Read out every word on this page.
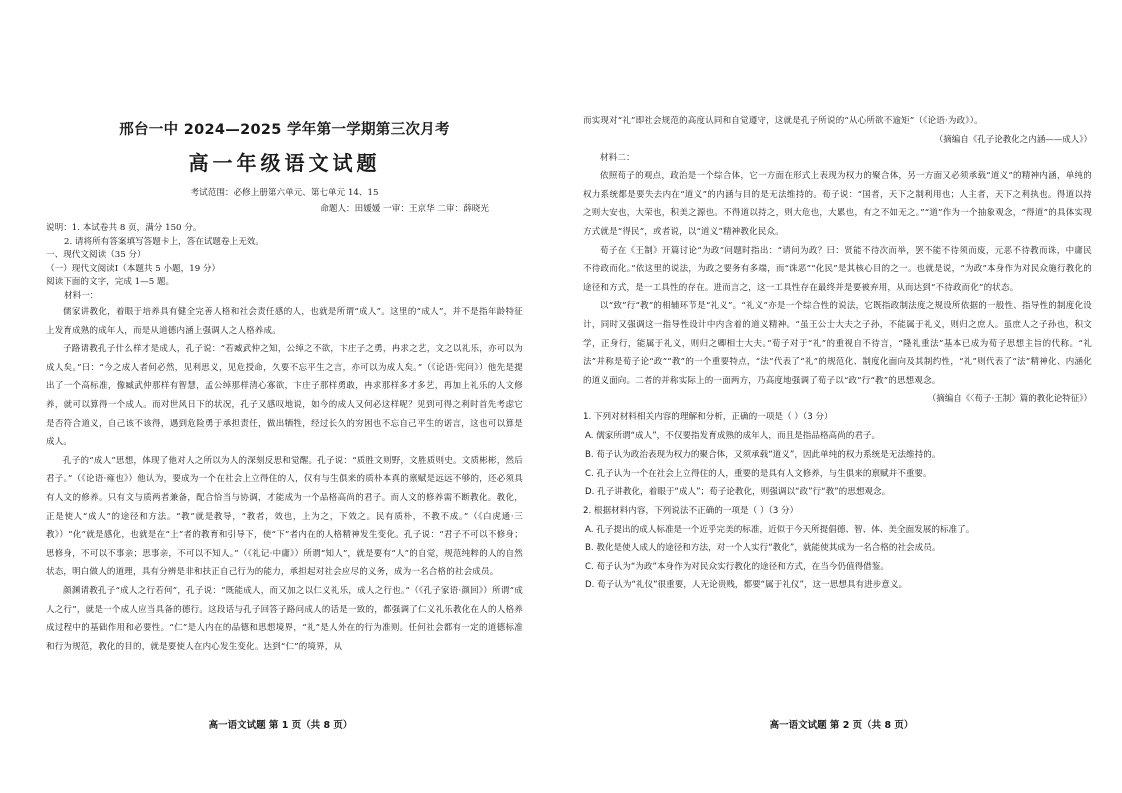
邢台一中 2024—2025 学年第一学期第三次月考

高一年级语文试题

考试范围：必修上册第六单元、第七单元 14、15

命题人：田媛媛 一审：王京华 二审：薛晓光

说明：1. 本试卷共 8 页，满分 150 分。

2. 请将所有答案填写答题卡上，答在试题卷上无效。

一、现代文阅读（35 分）

（一）现代文阅读Ⅰ（本题共 5 小题，19 分）

阅读下面的文字，完成 1—5 题。

材料一：

儒家讲教化，着眼于培养具有健全完善人格和社会责任感的人，也就是所谓“成人”。这里的“成人”，并不是指年龄特征上发育成熟的成年人，而是从道德内涵上强调人之人格养成。

子路请教孔子什么样才是成人，孔子说：“若臧武仲之知，公绰之不欲，卞庄子之勇，冉求之艺，文之以礼乐，亦可以为成人矣。”曰：“今之成人者何必然，见利思义，见危授命，久要不忘平生之言，亦可以为成人矣。”（《论语·宪问》）他先是提出了一个高标准，像臧武仲那样有智慧，孟公绰那样清心寡欲，卞庄子那样勇敢，冉求那样多才多艺，再加上礼乐的人文修养，就可以算得一个成人。而对世风日下的状况，孔子又感叹地说，如今的成人又何必这样呢？见到可得之利时首先考虑它是否符合道义，自己该不该得，遇到危险勇于承担责任，做出牺牲，经过长久的穷困也不忘自己平生的诺言，这也可以算是成人。

孔子的“成人”思想，体现了他对人之所以为人的深刻反思和觉醒。孔子说：“质胜文则野，文胜质则史。文质彬彬，然后君子。”（《论语·雍也》）他认为，要成为一个在社会上立得住的人，仅有与生俱来的质朴本真的禀赋是远远不够的，还必须具有人文的修养。只有文与质两者兼备，配合恰当与协调，才能成为一个品格高尚的君子。而人文的修养需不断教化。教化，正是使人“成人”的途径和方法。“教”就是教导，“教者，效也，上为之，下效之。民有质朴，不教不成。”（《白虎通·三教》）“化”就是感化，也就是在“上”者的教育和引导下，使“下”者内在的人格精神发生变化。孔子说：“君子不可以不修身；思修身，不可以不事亲；思事亲，不可以不知人。”（《礼记·中庸》）所谓“知人”，就是要有“人”的自觉，规范纯粹的人的自然状态，明白做人的道理，具有分辨是非和扶正自己行为的能力，承担起对社会应尽的义务，成为一名合格的社会成员。

颜渊请教孔子“成人之行若何”，孔子说：“既能成人，而又加之以仁义礼乐，成人之行也。”（《孔子家语·颜回》）所谓“成人之行”，就是一个成人应当具备的德行。这段话与孔子回答子路问成人的话是一致的，都强调了仁义礼乐教化在人的人格养成过程中的基础作用和必要性。“仁”是人内在的品德和思想境界，“礼”是人外在的行为准则。任何社会都有一定的道德标准和行为规范，教化的目的，就是要使人在内心发生变化。达到“仁”的境界，从

高一语文试题 第 1 页（共 8 页）

而实现对“礼”即社会规范的高度认同和自觉遵守，这就是孔子所说的“从心所欲不逾矩”（《论语·为政》）。

（摘编自《孔子论教化之内涵——成人》）

材料二：

依照荀子的观点，政治是一个综合体，它一方面在形式上表现为权力的聚合体，另一方面又必须承载“道义”的精神内涵，单纯的权力系统都是要失去内在“道义”的内涵与目的是无法维持的。荀子说：“国者，天下之制利用也；人主者，天下之利执也。得道以持之则大安也，大荣也，积美之源也。不得道以持之，则大危也，大累也，有之不如无之。”“道”作为一个抽象观念，“得道”的具体实现方式就是“得民”，或者说，以“道义”精神教化民众。

荀子在《王制》开篇讨论“为政”问题时指出：“请问为政？曰：贤能不待次而举，罢不能不待须而废，元恶不待教而诛，中庸民不待政而化。”依这里的说法，为政之要务有多端，而“诛恶”“化民”是其核心目的之一。也就是说，“为政”本身作为对民众施行教化的途径和方式，是一工具性的存在。进而言之，这一工具性存在最终并是要被弃用，从而达到“不待政而化”的状态。

以“致”行“教”的相辅环节是“礼义”。“礼义”亦是一个综合性的说法，它既指政制法度之规设所依据的一般性、指导性的制度化设计，同时又强调这一指导性设计中内含着的道义精神。“虽王公士大夫之子孙，不能属于礼义，则归之庶人。虽庶人之子孙也，积文学，正身行，能属于礼义，则归之卿相士大夫。”荀子对于“礼”的重视自不待言，“隆礼重法”基本已成为荀子思想主旨的代称。“礼法”并称是荀子论“政”“教”的一个重要特点，“法”代表了“礼”的规范化、制度化面向及其制约性，“礼”则代表了“法”精神化、内涵化的道义面向。二者的并称实际上的一面两方，乃高度地强调了荀子以“政”行“教”的思想观念。

（摘编自《〈荀子·王制〉篇的教化论特征》）

1. 下列对材料相关内容的理解和分析，正确的一项是（ ）（3 分）

A. 儒家所谓“成人”，不仅要指发育成熟的成年人，而且是指品格高尚的君子。

B. 荀子认为政治表现为权力的聚合体，又须承载“道义”，因此单纯的权力系统是无法维持的。

C. 孔子认为一个在社会上立得住的人，重要的是具有人文修养，与生俱来的禀赋并不重要。

D. 孔子讲教化，着眼于“成人”；荀子论教化，则强调以“政”行“教”的思想观念。

2. 根据材料内容，下列说法不正确的一项是（ ）（3 分）

A. 孔子提出的成人标准是一个近乎完美的标准，近似于今天所提倡德、智、体、美全面发展的标准了。

B. 教化是使人成人的途径和方法，对一个人实行“教化”，就能使其成为一名合格的社会成员。

C. 荀子认为“为政”本身作为对民众实行教化的途径和方式，在当今仍值得借鉴。

D. 荀子认为“礼仪”很重要，人无论贵贱，都要“属于礼仪”，这一思想具有进步意义。

高一语文试题 第 2 页（共 8 页）
